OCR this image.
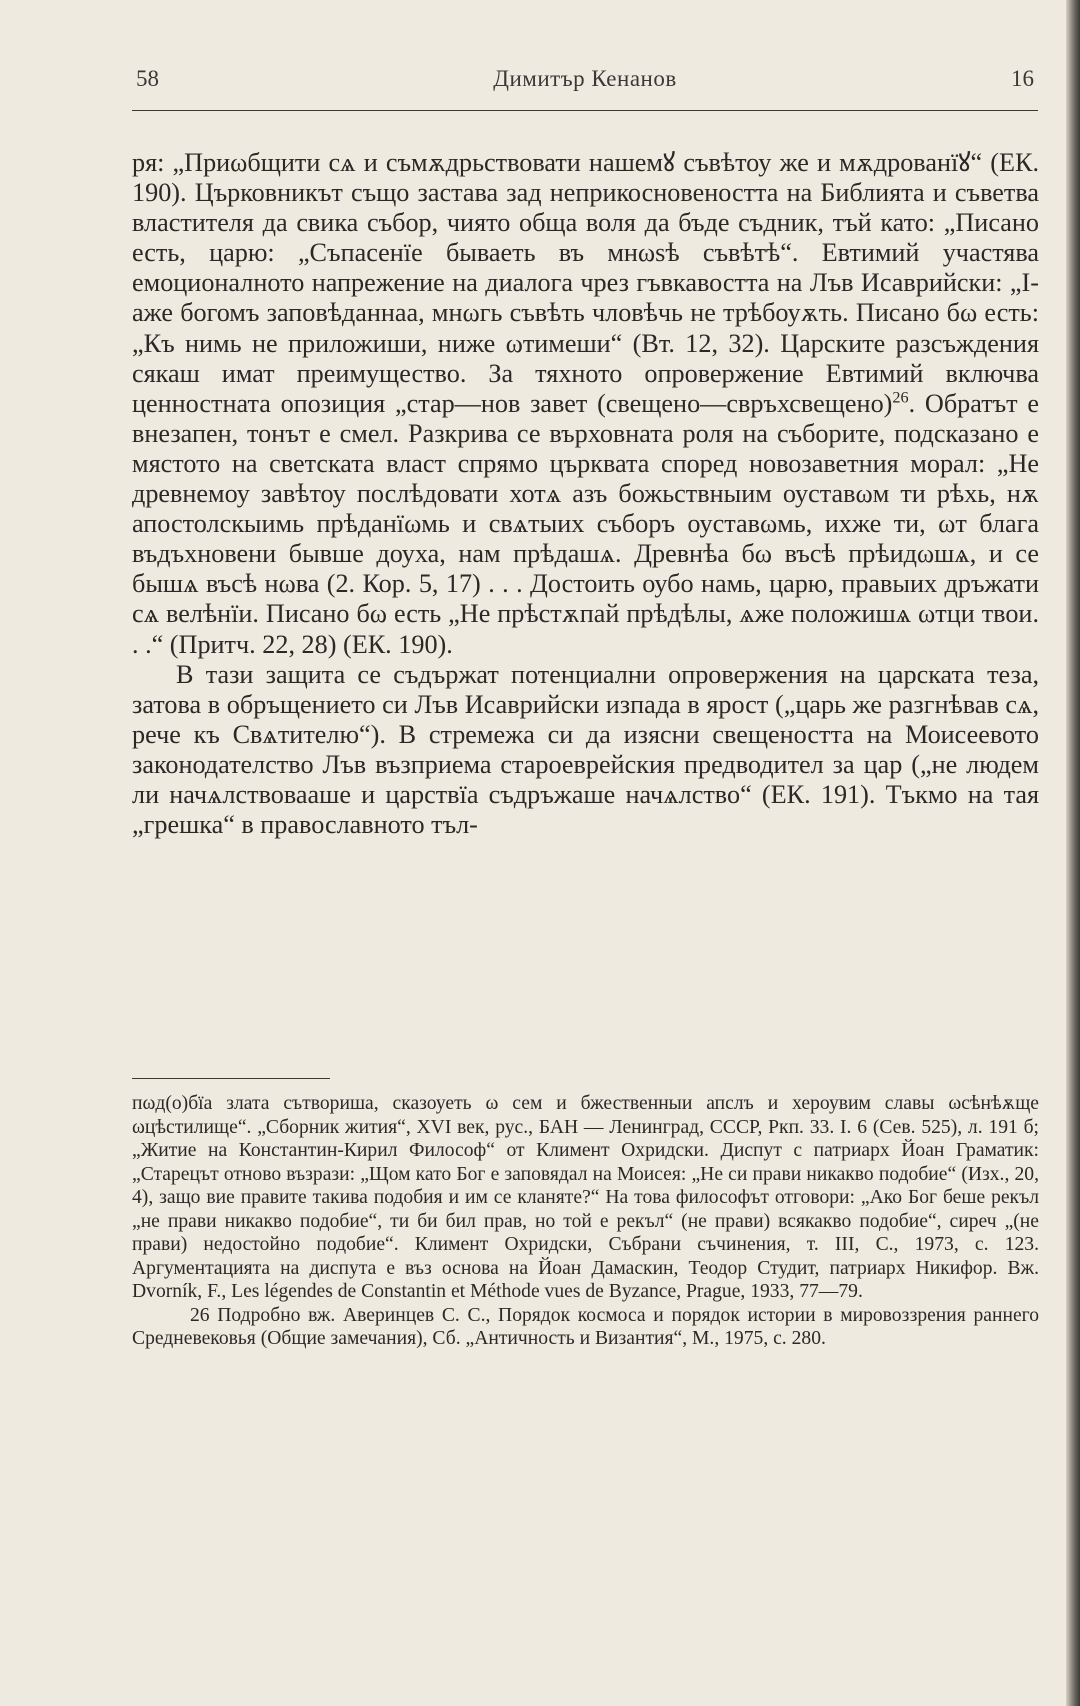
58	Димитър Кенанов	16

ря: „Приωбщити сѧ и съмѫдрьствовати нашемꙋ съвѣтоу же и мѫдрованїꙋ“ (ЕК. 190). Църковникът също застава зад неприкосновеността на Библията и съветва властителя да свика събор, чиято обща воля да бъде съдник, тъй като: „Писано есть, царю: „Съпасенїе бываеть въ мнωѕѣ съвѣтѣ“. Евтимий участява емоционалното напрежение на диалога чрез гъвкавостта на Лъв Исаврийски: „І-аже богомъ заповѣданнаа, мнωгь съвѣть чловѣчь не трѣбоуѫть. Писано бω есть: „Къ нимь не приложиши, ниже ωтимеши“ (Вт. 12, 32). Царските разсъждения сякаш имат преимущество. За тяхното опровержение Евтимий включва ценностната опозиция „стар—нов завет (свещено—свръхсвещено)$^{26}$. Обратът е внезапен, тонът е смел. Разкрива се върховната роля на съборите, подсказано е мястото на светската власт спрямо църквата според новозаветния морал: „Не древнемоу завѣтоу послѣдовати хотѧ азъ божьствныим оуставωм ти рѣхь, нѫ апостолскыимь прѣданїωмь и свѧтыих съборъ оуставωмь, ихже ти, ωт блага въдъхновени бывше доуха, нам прѣдашѧ. Древнѣа бω въсѣ прѣидωшѧ, и се бышѧ въсѣ нωва (2. Кор. 5, 17) . . . Достоить оубо намь, царю, правыих дръжати сѧ велѣнїи. Писано бω есть „Не прѣстѫпай прѣдѣлы, ѧже положишѧ ωтци твои. . .“ (Притч. 22, 28) (ЕК. 190).

В тази защита се съдържат потенциални опровержения на царската теза, затова в обръщението си Лъв Исаврийски изпада в ярост („царь же разгнѣвав сѧ, рече къ Свѧтителю“). В стремежа си да изясни свещеността на Моисеевото законодателство Лъв възприема староеврейския предводител за цар („не людем ли начѧлствоваашe и царствїа съдръжаше начѧлство“ (ЕК. 191). Тъкмо на тая „грешка“ в православното тъл-

пωд(о)бїа злата сътвориша, сказоуеть ω сем и бжественныи апслъ и хероувим славы ωсѣнѣѫще ωцѣстилище“. „Сборник жития“, XVI век, рус., БАН — Ленинград, СССР, Ркп. 33. I. 6 (Сев. 525), л. 191 б; „Житие на Константин-Кирил Философ“ от Климент Охридски. Диспут с патриарх Йоан Граматик: „Старецът отново възрази: „Щом като Бог е заповядал на Моисея: „Не си прави никакво подобие“ (Изх., 20, 4), защо вие правите такива подобия и им се кланяте?“ На това философът отговори: „Ако Бог беше рекъл „не прави никакво подобие“, ти би бил прав, но той е рекъл“ (не прави) всякакво подобие“, сиреч „(не прави) недостойно подобие“. Климент Охридски, Събрани съчинения, т. III, С., 1973, с. 123. Аргументацията на диспута е въз основа на Йоан Дамаскин, Теодор Студит, патриарх Никифор. Вж. Dvorník, F., Les légendes de Constantin et Méthode vues de Byzance, Prague, 1933, 77—79.

26 Подробно вж. Аверинцев С. С., Порядок космоса и порядок истории в мировоззрения раннего Средневековья (Общие замечания), Сб. „Античность и Византия“, М., 1975, с. 280.
